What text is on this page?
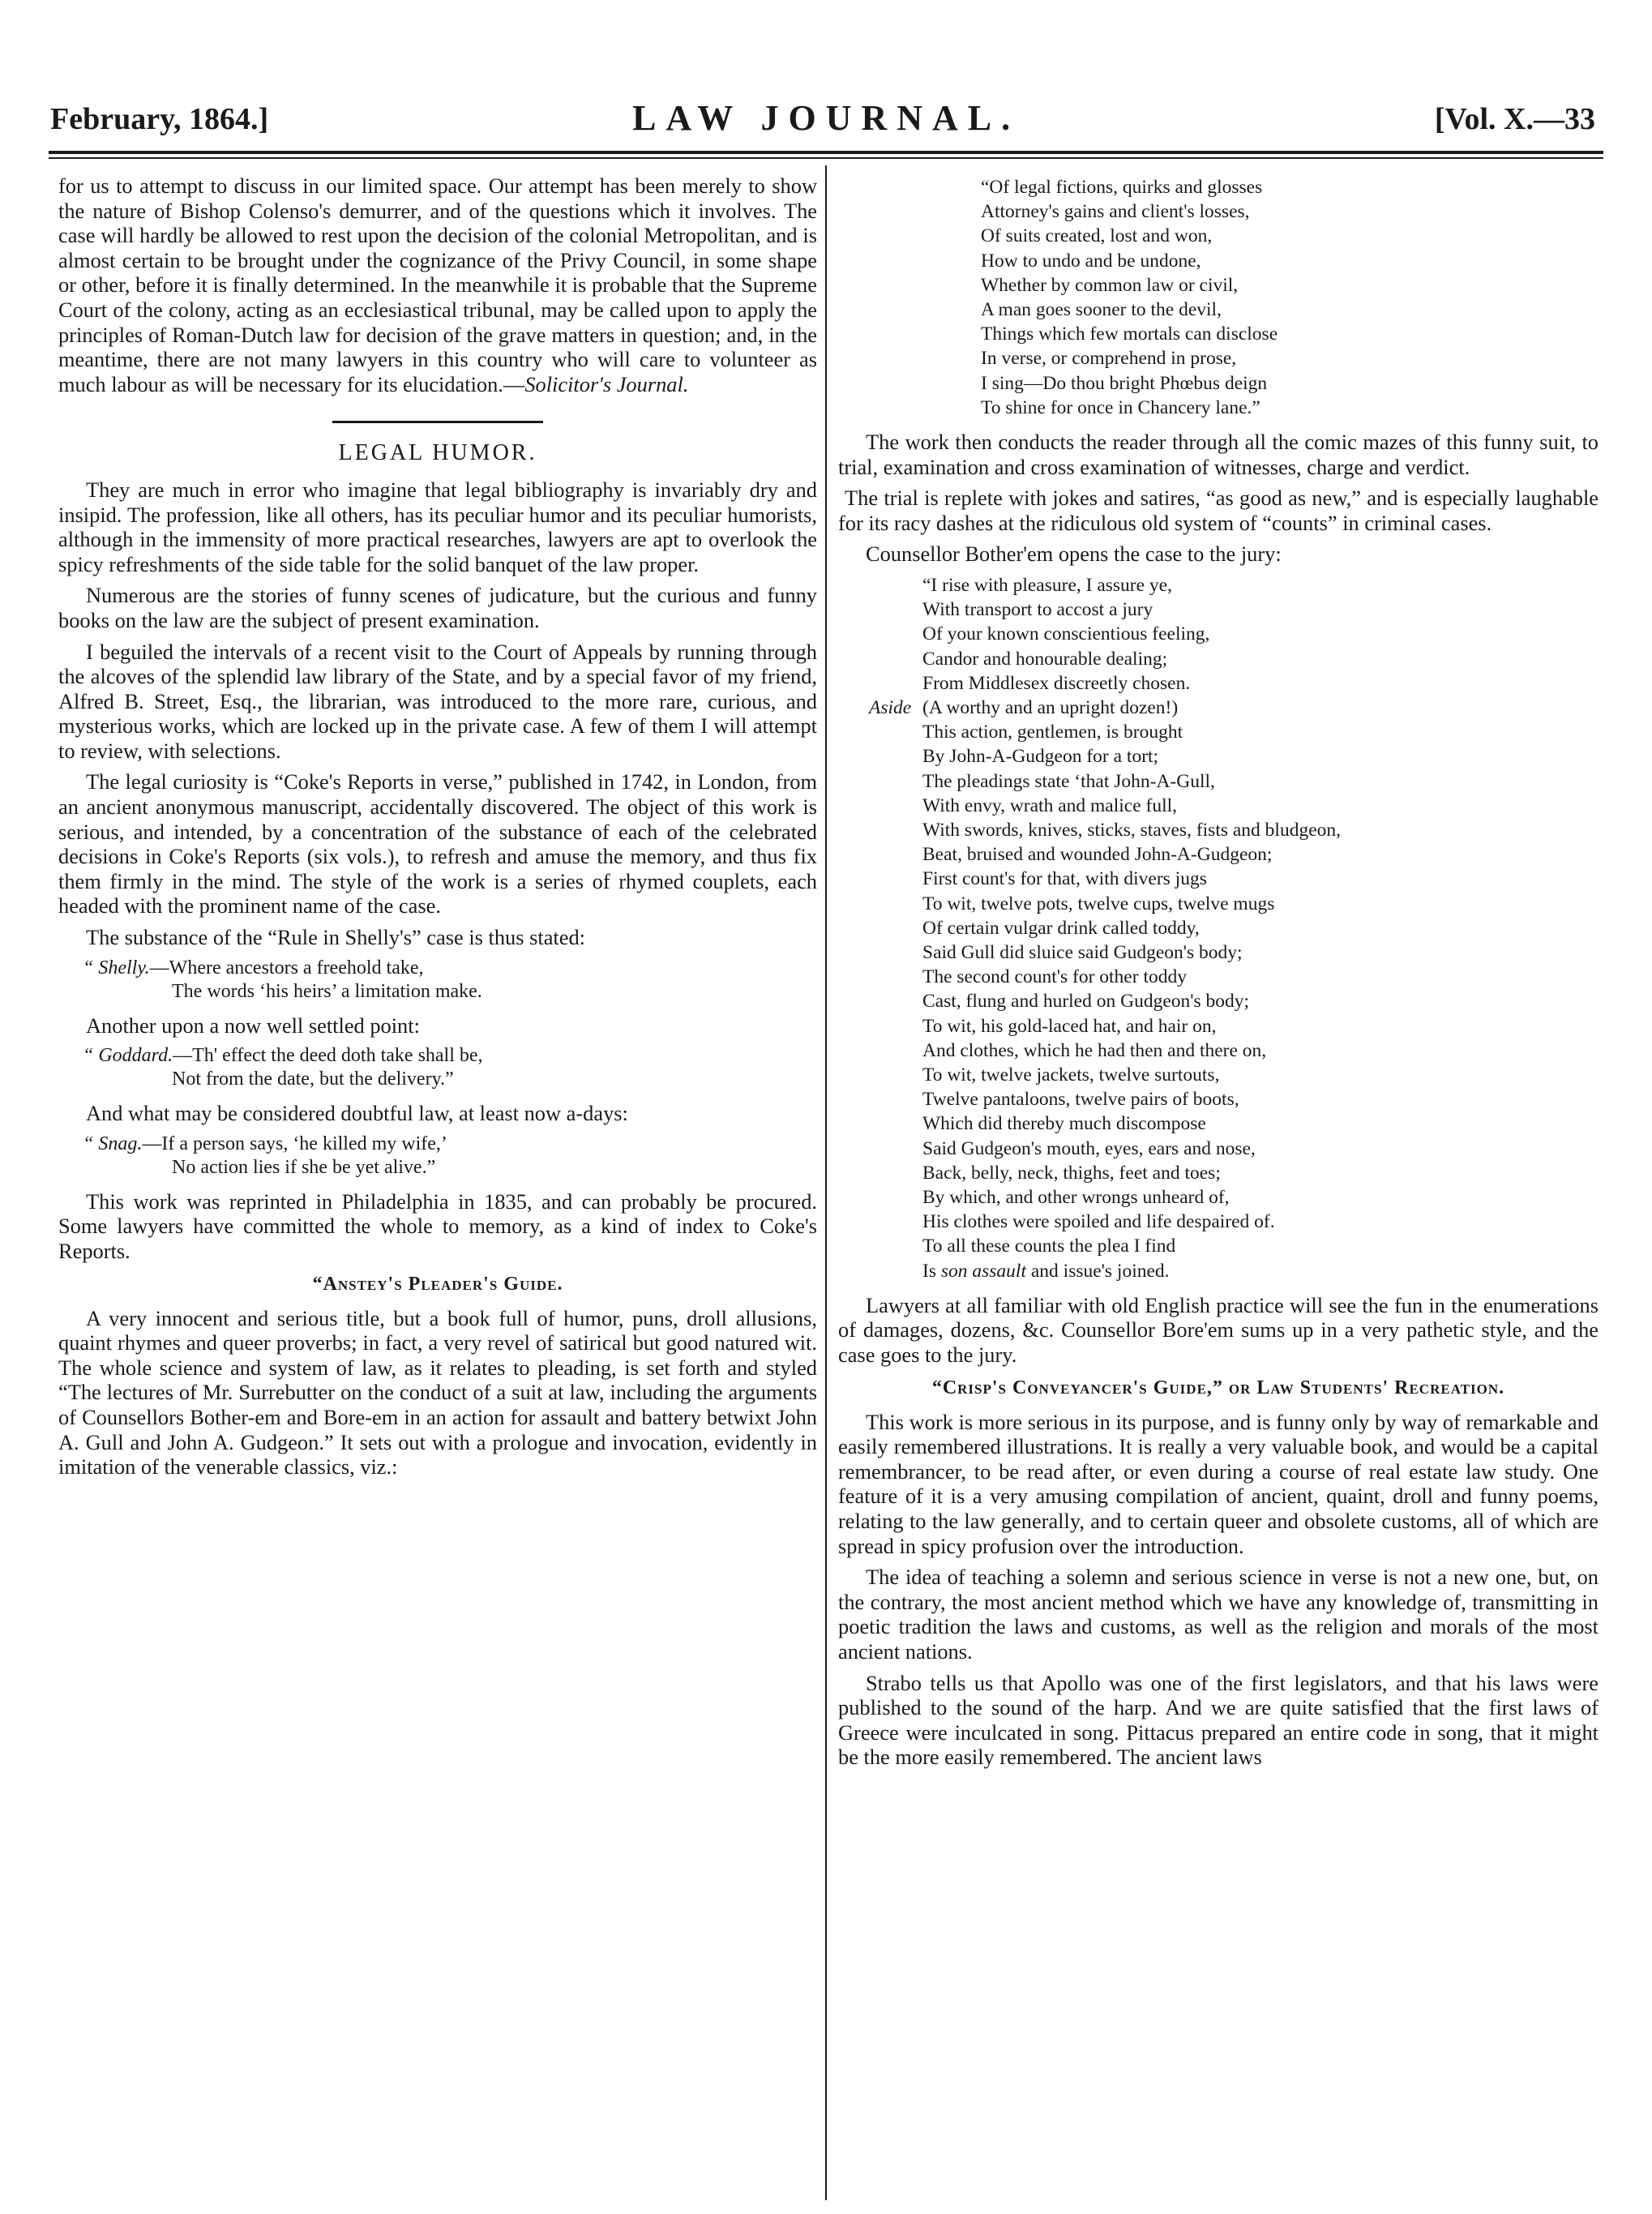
February, 1864.]	LAW JOURNAL.	[Vol. X.—33

for us to attempt to discuss in our limited space. Our attempt has been merely to show the nature of Bishop Colenso's demurrer, and of the questions which it involves. The case will hardly be allowed to rest upon the decision of the colonial Metropolitan, and is almost certain to be brought under the cognizance of the Privy Council, in some shape or other, before it is finally determined. In the meanwhile it is probable that the Supreme Court of the colony, acting as an ecclesiastical tribunal, may be called upon to apply the principles of Roman-Dutch law for decision of the grave matters in question; and, in the meantime, there are not many lawyers in this country who will care to volunteer as much labour as will be necessary for its elucidation.—Solicitor's Journal.

LEGAL HUMOR.

They are much in error who imagine that legal bibliography is invariably dry and insipid. The profession, like all others, has its peculiar humor and its peculiar humorists, although in the immensity of more practical researches, lawyers are apt to overlook the spicy refreshments of the side table for the solid banquet of the law proper.

Numerous are the stories of funny scenes of judicature, but the curious and funny books on the law are the subject of present examination.

I beguiled the intervals of a recent visit to the Court of Appeals by running through the alcoves of the splendid law library of the State, and by a special favor of my friend, Alfred B. Street, Esq., the librarian, was introduced to the more rare, curious, and mysterious works, which are locked up in the private case. A few of them I will attempt to review, with selections.

The legal curiosity is “Coke's Reports in verse,” published in 1742, in London, from an ancient anonymous manuscript, accidentally discovered. The object of this work is serious, and intended, by a concentration of the substance of each of the celebrated decisions in Coke's Reports (six vols.), to refresh and amuse the memory, and thus fix them firmly in the mind. The style of the work is a series of rhymed couplets, each headed with the prominent name of the case.

The substance of the “Rule in Shelly's” case is thus stated:

“ Shelly.—Where ancestors a freehold take,
The words ‘his heirs’ a limitation make.

Another upon a now well settled point:

“ Goddard.—Th' effect the deed doth take shall be,
Not from the date, but the delivery.”

And what may be considered doubtful law, at least now a-days:

“ Snag.—If a person says, ‘he killed my wife,’
No action lies if she be yet alive.”

This work was reprinted in Philadelphia in 1835, and can probably be procured. Some lawyers have committed the whole to memory, as a kind of index to Coke's Reports.

“Anstey's Pleader's Guide.

A very innocent and serious title, but a book full of humor, puns, droll allusions, quaint rhymes and queer proverbs; in fact, a very revel of satirical but good natured wit. The whole science and system of law, as it relates to pleading, is set forth and styled “The lectures of Mr. Surrebutter on the conduct of a suit at law, including the arguments of Counsellors Bother-em and Bore-em in an action for assault and battery betwixt John A. Gull and John A. Gudgeon.” It sets out with a prologue and invocation, evidently in imitation of the venerable classics, viz.:

“Of legal fictions, quirks and glosses
Attorney's gains and client's losses,
Of suits created, lost and won,
How to undo and be undone,
Whether by common law or civil,
A man goes sooner to the devil,
Things which few mortals can disclose
In verse, or comprehend in prose,
I sing—Do thou bright Phœbus deign
To shine for once in Chancery lane.”

The work then conducts the reader through all the comic mazes of this funny suit, to trial, examination and cross examination of witnesses, charge and verdict.

The trial is replete with jokes and satires, “as good as new,” and is especially laughable for its racy dashes at the ridiculous old system of “counts” in criminal cases.

Counsellor Bother'em opens the case to the jury:

“I rise with pleasure, I assure ye,
With transport to accost a jury
Of your known conscientious feeling,
Candor and honourable dealing;
From Middlesex discreetly chosen.
Aside (A worthy and an upright dozen!)
This action, gentlemen, is brought
By John-A-Gudgeon for a tort;
The pleadings state ‘that John-A-Gull,
With envy, wrath and malice full,
With swords, knives, sticks, staves, fists and bludgeon,
Beat, bruised and wounded John-A-Gudgeon;
First count's for that, with divers jugs
To wit, twelve pots, twelve cups, twelve mugs
Of certain vulgar drink called toddy,
Said Gull did sluice said Gudgeon's body;
The second count's for other toddy
Cast, flung and hurled on Gudgeon's body;
To wit, his gold-laced hat, and hair on,
And clothes, which he had then and there on,
To wit, twelve jackets, twelve surtouts,
Twelve pantaloons, twelve pairs of boots,
Which did thereby much discompose
Said Gudgeon's mouth, eyes, ears and nose,
Back, belly, neck, thighs, feet and toes;
By which, and other wrongs unheard of,
His clothes were spoiled and life despaired of.
To all these counts the plea I find
Is son assault and issue's joined.

Lawyers at all familiar with old English practice will see the fun in the enumerations of damages, dozens, &c. Counsellor Bore'em sums up in a very pathetic style, and the case goes to the jury.

“Crisp's Conveyancer's Guide,” or Law Students' Recreation.

This work is more serious in its purpose, and is funny only by way of remarkable and easily remembered illustrations. It is really a very valuable book, and would be a capital remembrancer, to be read after, or even during a course of real estate law study. One feature of it is a very amusing compilation of ancient, quaint, droll and funny poems, relating to the law generally, and to certain queer and obsolete customs, all of which are spread in spicy profusion over the introduction.

The idea of teaching a solemn and serious science in verse is not a new one, but, on the contrary, the most ancient method which we have any knowledge of, transmitting in poetic tradition the laws and customs, as well as the religion and morals of the most ancient nations.

Strabo tells us that Apollo was one of the first legislators, and that his laws were published to the sound of the harp. And we are quite satisfied that the first laws of Greece were inculcated in song. Pittacus prepared an entire code in song, that it might be the more easily remembered. The ancient laws
